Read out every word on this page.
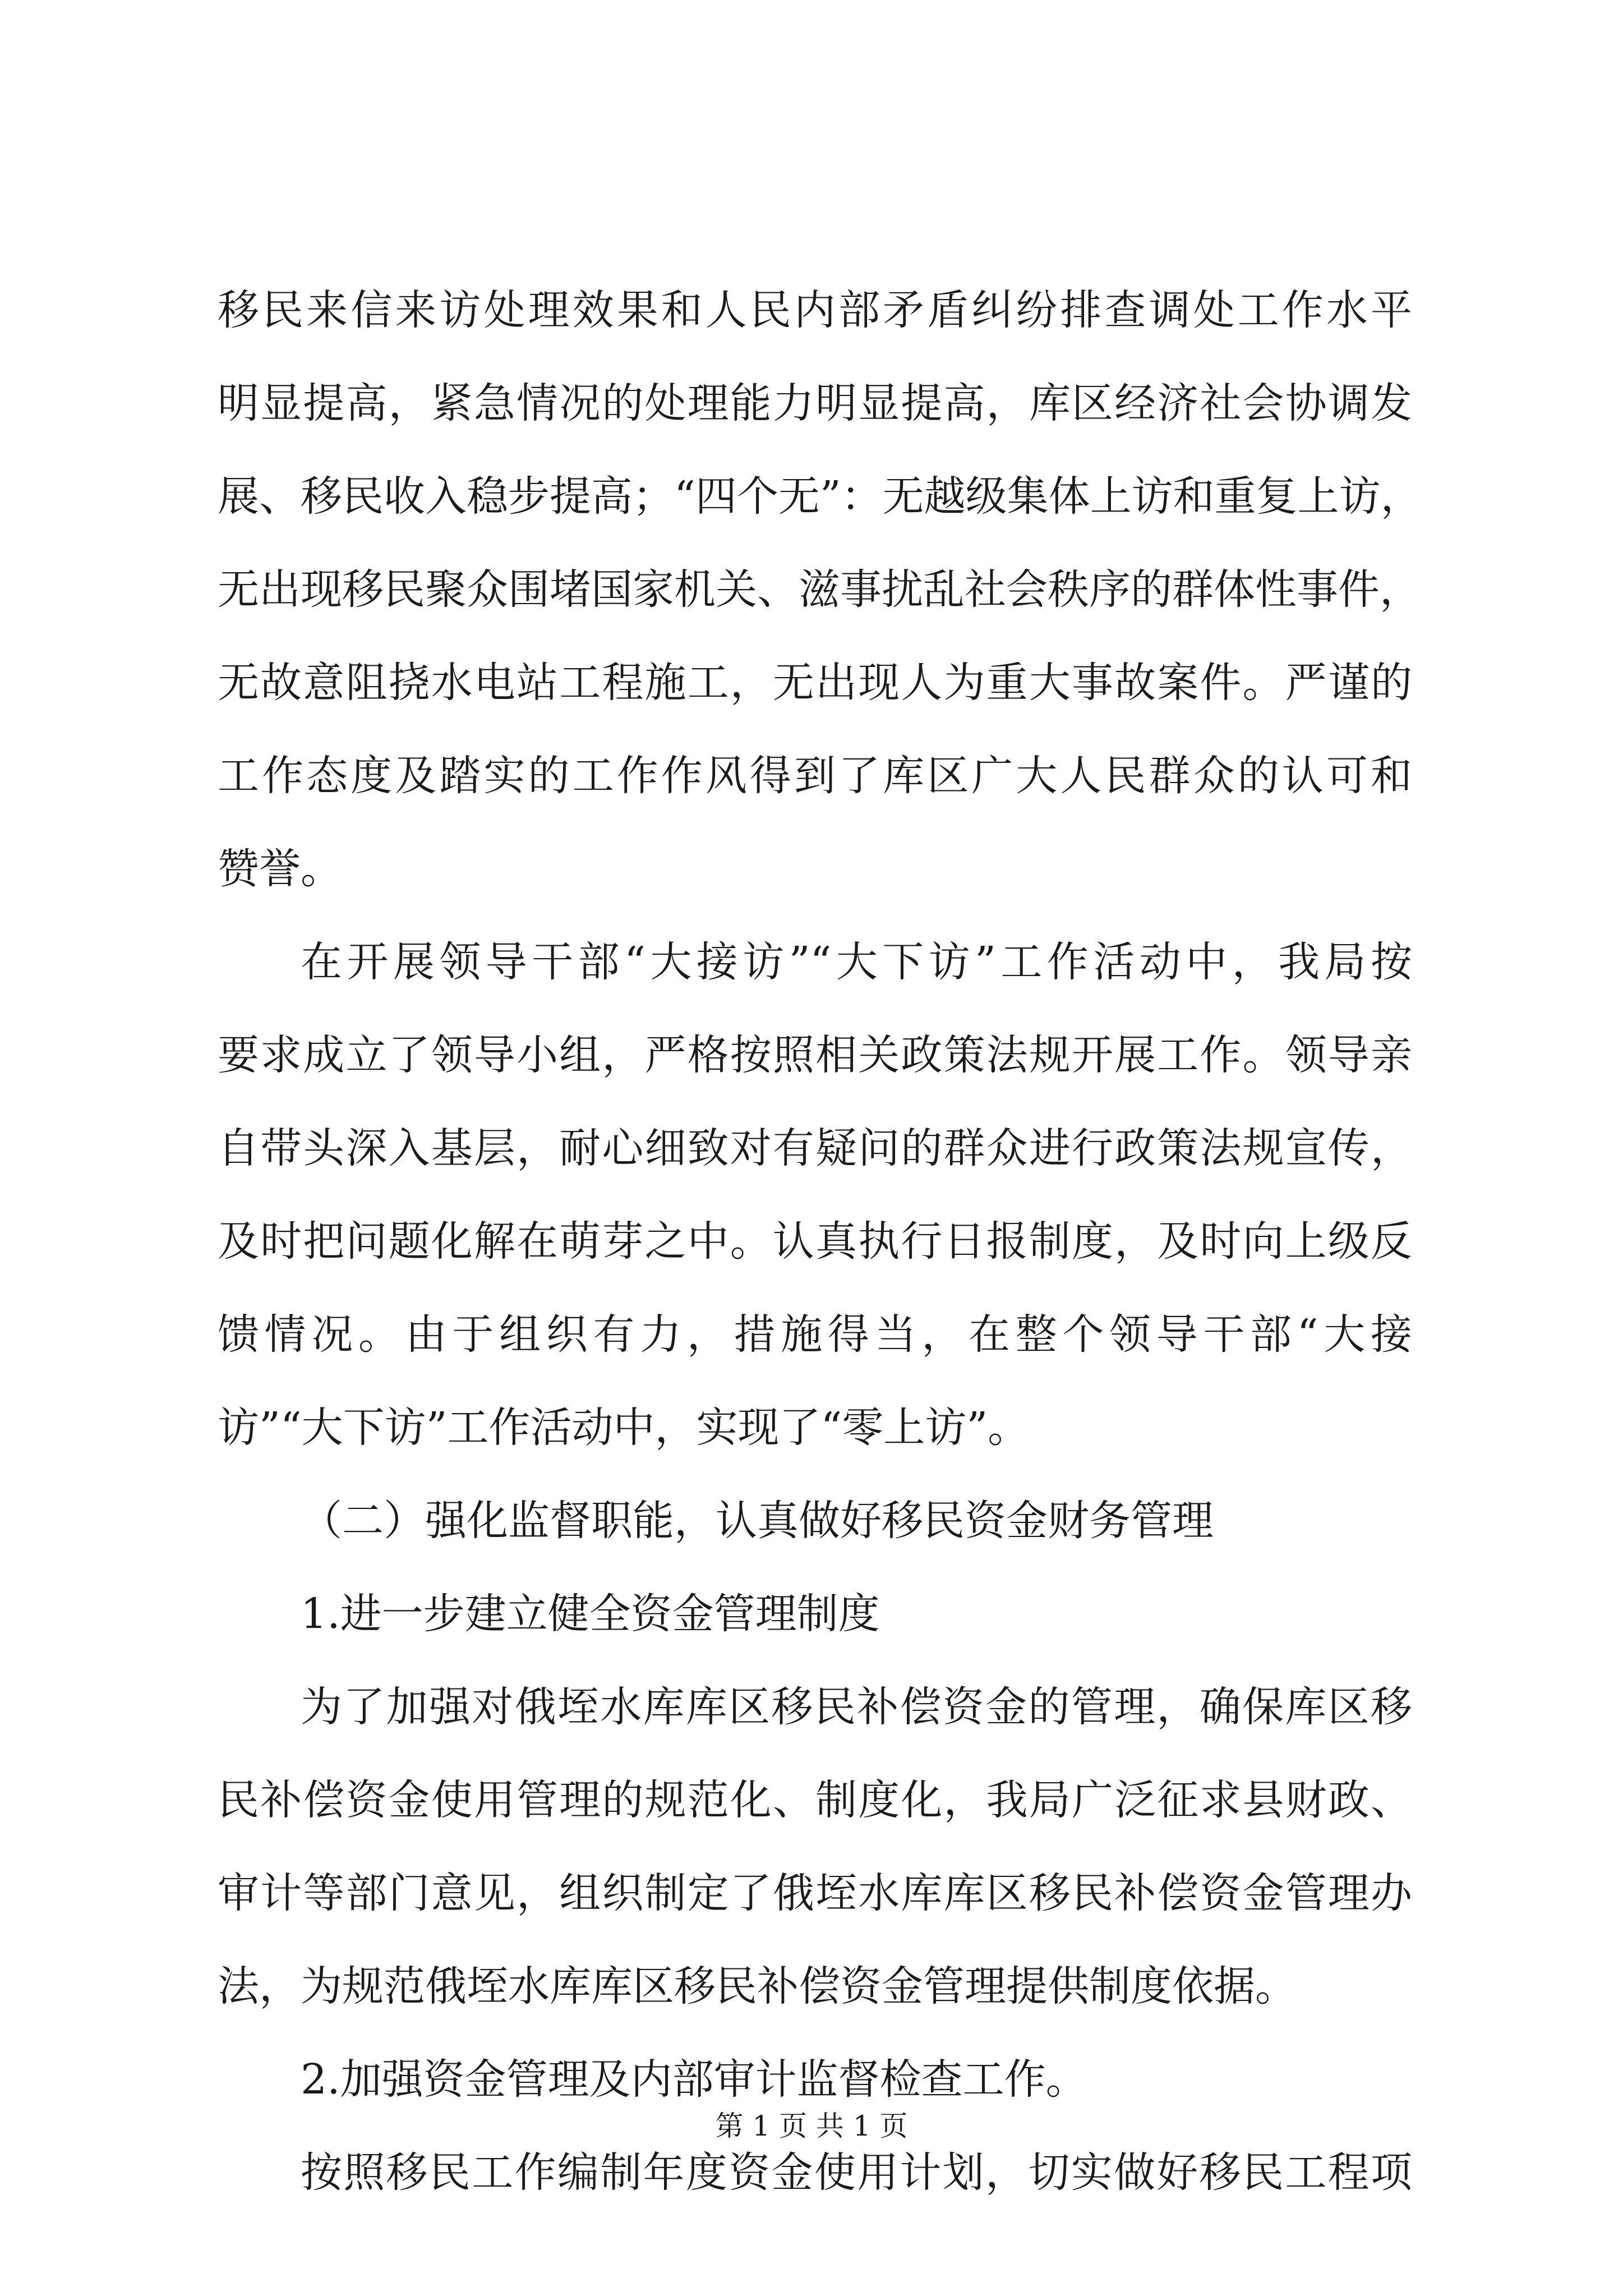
移民来信来访处理效果和人民内部矛盾纠纷排查调处工作水平
明显提高，紧急情况的处理能力明显提高，库区经济社会协调发
展、移民收入稳步提高；“四个无”：无越级集体上访和重复上访，
无出现移民聚众围堵国家机关、滋事扰乱社会秩序的群体性事件，
无故意阻挠水电站工程施工，无出现人为重大事故案件。严谨的
工作态度及踏实的工作作风得到了库区广大人民群众的认可和
赞誉。
在开展领导干部“大接访”“大下访”工作活动中，我局按
要求成立了领导小组，严格按照相关政策法规开展工作。领导亲
自带头深入基层，耐心细致对有疑问的群众进行政策法规宣传，
及时把问题化解在萌芽之中。认真执行日报制度，及时向上级反
馈情况。由于组织有力，措施得当，在整个领导干部“大接
访”“大下访”工作活动中，实现了“零上访”。
（二）强化监督职能，认真做好移民资金财务管理
1.进一步建立健全资金管理制度
为了加强对俄垤水库库区移民补偿资金的管理，确保库区移
民补偿资金使用管理的规范化、制度化，我局广泛征求县财政、
审计等部门意见，组织制定了俄垤水库库区移民补偿资金管理办
法，为规范俄垤水库库区移民补偿资金管理提供制度依据。
2.加强资金管理及内部审计监督检查工作。
按照移民工作编制年度资金使用计划，切实做好移民工程项
第 1 页 共 1 页
